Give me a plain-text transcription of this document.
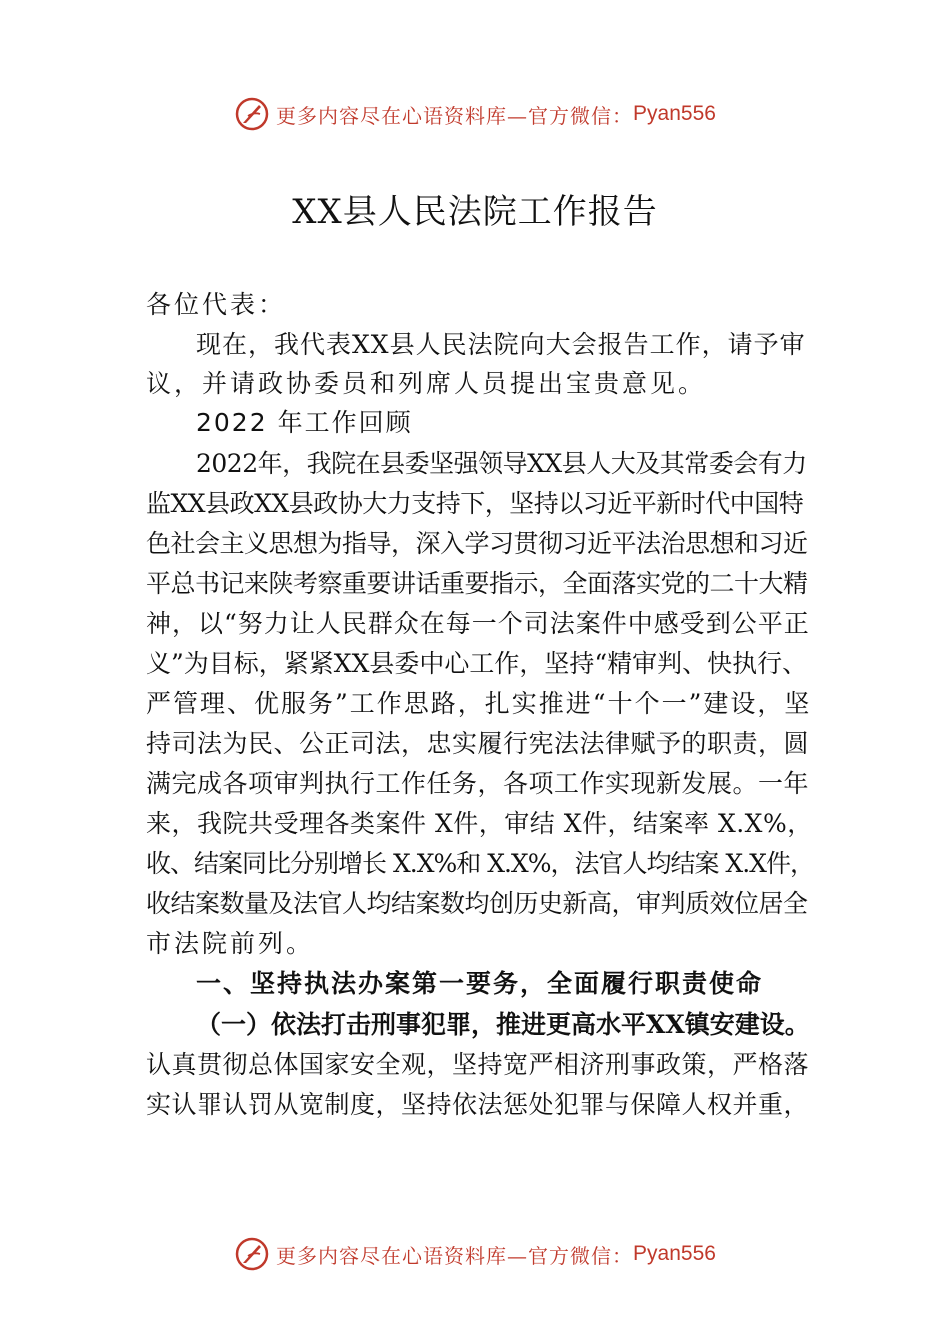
更多内容尽在心语资料库—官方微信： Pyan556
XX县人民法院工作报告

各位代表：

现在，我代表XX县人民法院向大会报告工作，请予审

议，并请政协委员和列席人员提出宝贵意见。

2022 年工作回顾

2022年，我院在县委坚强领导XX县人大及其常委会有力

监XX县政XX县政协大力支持下，坚持以习近平新时代中国特

色社会主义思想为指导，深入学习贯彻习近平法治思想和习近

平总书记来陕考察重要讲话重要指示，全面落实党的二十大精

神，以“努力让人民群众在每一个司法案件中感受到公平正

义”为目标，紧紧XX县委中心工作，坚持“精审判、快执行、

严管理、优服务”工作思路，扎实推进“十个一”建设，坚

持司法为民、公正司法，忠实履行宪法法律赋予的职责，圆

满完成各项审判执行工作任务，各项工作实现新发展。一年

来，我院共受理各类案件 X件，审结 X件，结案率 X.X%，

收、结案同比分别增长 X.X%和 X.X%，法官人均结案 X.X件，

收结案数量及法官人均结案数均创历史新高，审判质效位居全

市法院前列。

一、坚持执法办案第一要务，全面履行职责使命

（一）依法打击刑事犯罪，推进更高水平XX镇安建设。

认真贯彻总体国家安全观，坚持宽严相济刑事政策，严格落

实认罪认罚从宽制度，坚持依法惩处犯罪与保障人权并重，

更多内容尽在心语资料库—官方微信： Pyan556
